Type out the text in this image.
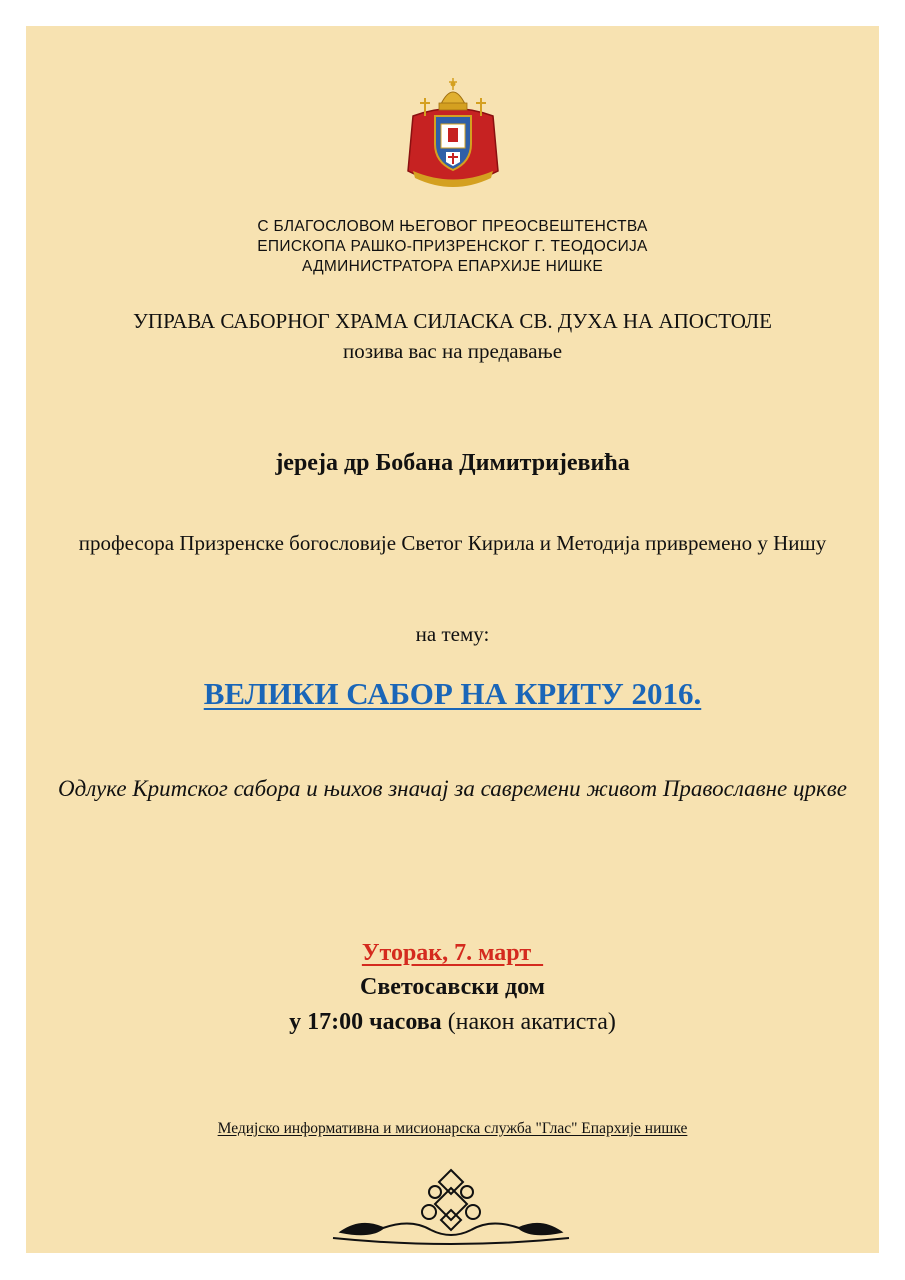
С БЛАГОСЛОВОМ ЊЕГОВОГ ПРЕОСВЕШТЕНСТВА
ЕПИСКОПА РАШКО-ПРИЗРЕНСКОГ Г. ТЕОДОСИЈА
АДМИНИСТРАТОРА ЕПАРХИЈЕ НИШКЕ
УПРАВА САБОРНОГ ХРАМА СИЛАСКА СВ. ДУХА НА АПОСТОЛЕ
позива вас на предавање
јереја др Бобана Димитријевића
професора Призренске богословије Светог Кирила и Методија привремено у Нишу
на тему:
ВЕЛИКИ САБОР НА КРИТУ 2016.
Одлуке Критског сабора и њихов значај за савремени живот Православне цркве
Уторак, 7. март
Светосавски дом
у 17:00 часова (након акатиста)
Медијско информативна и мисионарска служба "Глас" Епархије нишке
